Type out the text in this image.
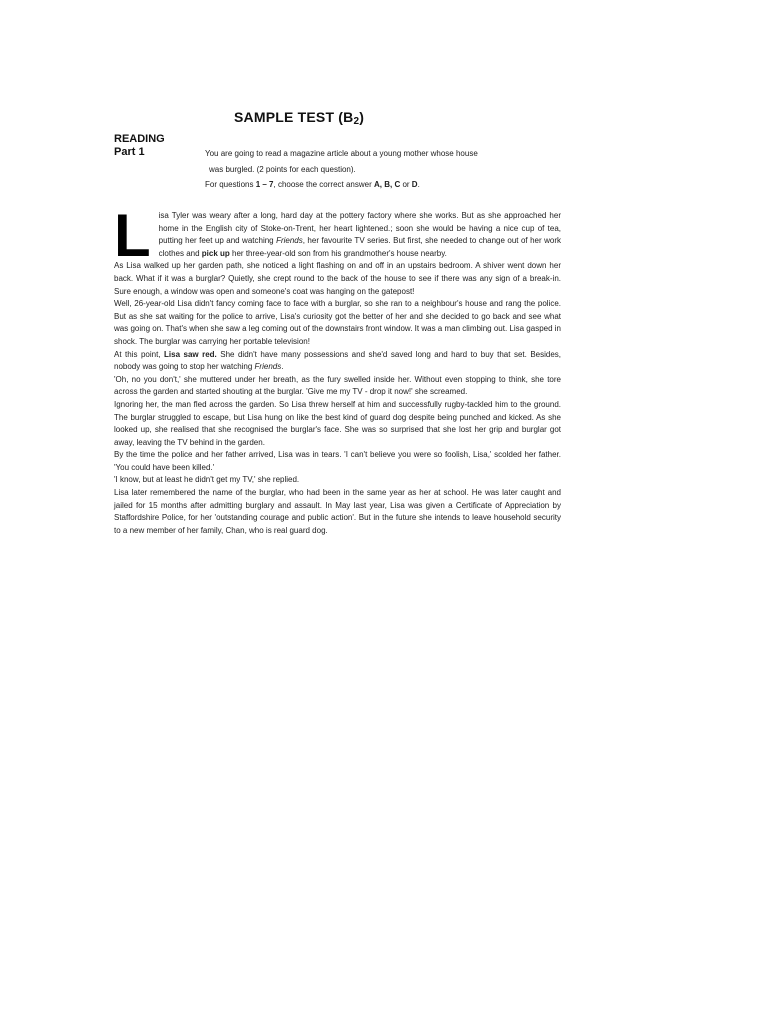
SAMPLE TEST $(B_2)$
READING
Part 1	You are going to read a magazine article about a young mother whose house
was burgled. (2 points for each question).
For questions 1 – 7, choose the correct answer A, B, C or D.

L isa Tyler was weary after a long, hard day at the pottery factory where she works. But as she approached her home in the English city of Stoke-on-Trent, her heart lightened.; soon she would be having a nice cup of tea, putting her feet up and watching Friends, her favourite TV series. But first, she needed to change out of her work clothes and pick up her three-year-old son from his grandmother's house nearby.

As Lisa walked up her garden path, she noticed a light flashing on and off in an upstairs bedroom. A shiver went down her back. What if it was a burglar? Quietly, she crept round to the back of the house to see if there was any sign of a break-in. Sure enough, a window was open and someone's coat was hanging on the gatepost!

Well, 26-year-old Lisa didn't fancy coming face to face with a burglar, so she ran to a neighbour's house and rang the police. But as she sat waiting for the police to arrive, Lisa's curiosity got the better of her and she decided to go back and see what was going on. That's when she saw a leg coming out of the downstairs front window. It was a man climbing out. Lisa gasped in shock. The burglar was carrying her portable television!

At this point, Lisa saw red. She didn't have many possessions and she'd saved long and hard to buy that set. Besides, nobody was going to stop her watching Friends.

'Oh, no you don't,' she muttered under her breath, as the fury swelled inside her. Without even stopping to think, she tore across the garden and started shouting at the burglar. 'Give me my TV - drop it now!' she screamed.

Ignoring her, the man fled across the garden. So Lisa threw herself at him and successfully rugby-tackled him to the ground. The burglar struggled to escape, but Lisa hung on like the best kind of guard dog despite being punched and kicked. As she looked up, she realised that she recognised the burglar's face. She was so surprised that she lost her grip and burglar got away, leaving the TV behind in the garden.

By the time the police and her father arrived, Lisa was in tears. 'I can't believe you were so foolish, Lisa,' scolded her father. 'You could have been killed.'

'I know, but at least he didn't get my TV,' she replied.

Lisa later remembered the name of the burglar, who had been in the same year as her at school. He was later caught and jailed for 15 months after admitting burglary and assault. In May last year, Lisa was given a Certificate of Appreciation by Staffordshire Police, for her 'outstanding courage and public action'. But in the future she intends to leave household security to a new member of her family, Chan, who is real guard dog.
